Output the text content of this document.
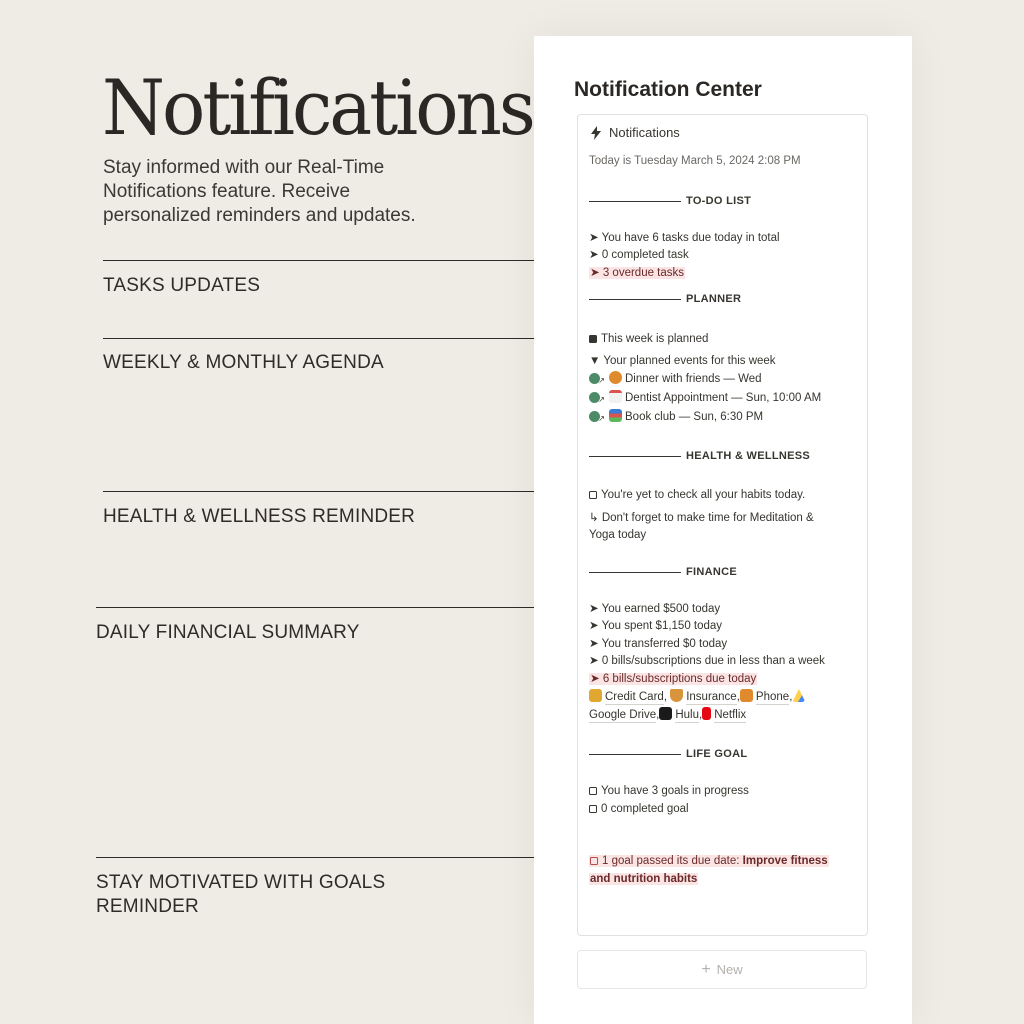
Notifications

Stay informed with our Real-Time Notifications feature. Receive personalized reminders and updates.

TASKS UPDATES
WEEKLY & MONTHLY AGENDA
HEALTH & WELLNESS REMINDER
DAILY FINANCIAL SUMMARY
STAY MOTIVATED WITH GOALS REMINDER
Notification Center
Notifications
Today is Tuesday March 5, 2024 2:08 PM
TO-DO LIST
➤ You have 6 tasks due today in total
➤ 0 completed task
➤ 3 overdue tasks
PLANNER
This week is planned
▼ Your planned events for this week
↗Dinner with friends — Wed
↗Dentist Appointment — Sun, 10:00 AM
↗Book club — Sun, 6:30 PM
HEALTH & WELLNESS
You're yet to check all your habits today.
↳ Don't forget to make time for Meditation &
Yoga today
FINANCE
➤ You earned $500 today
➤ You spent $1,150 today
➤ You transferred $0 today
➤ 0 bills/subscriptions due in less than a week
➤ 6 bills/subscriptions due today
Credit Card, Insurance, Phone,
Google Drive, Hulu, Netflix
LIFE GOAL
You have 3 goals in progress
0 completed goal
1 goal passed its due date: Improve fitness
and nutrition habits
+ New
